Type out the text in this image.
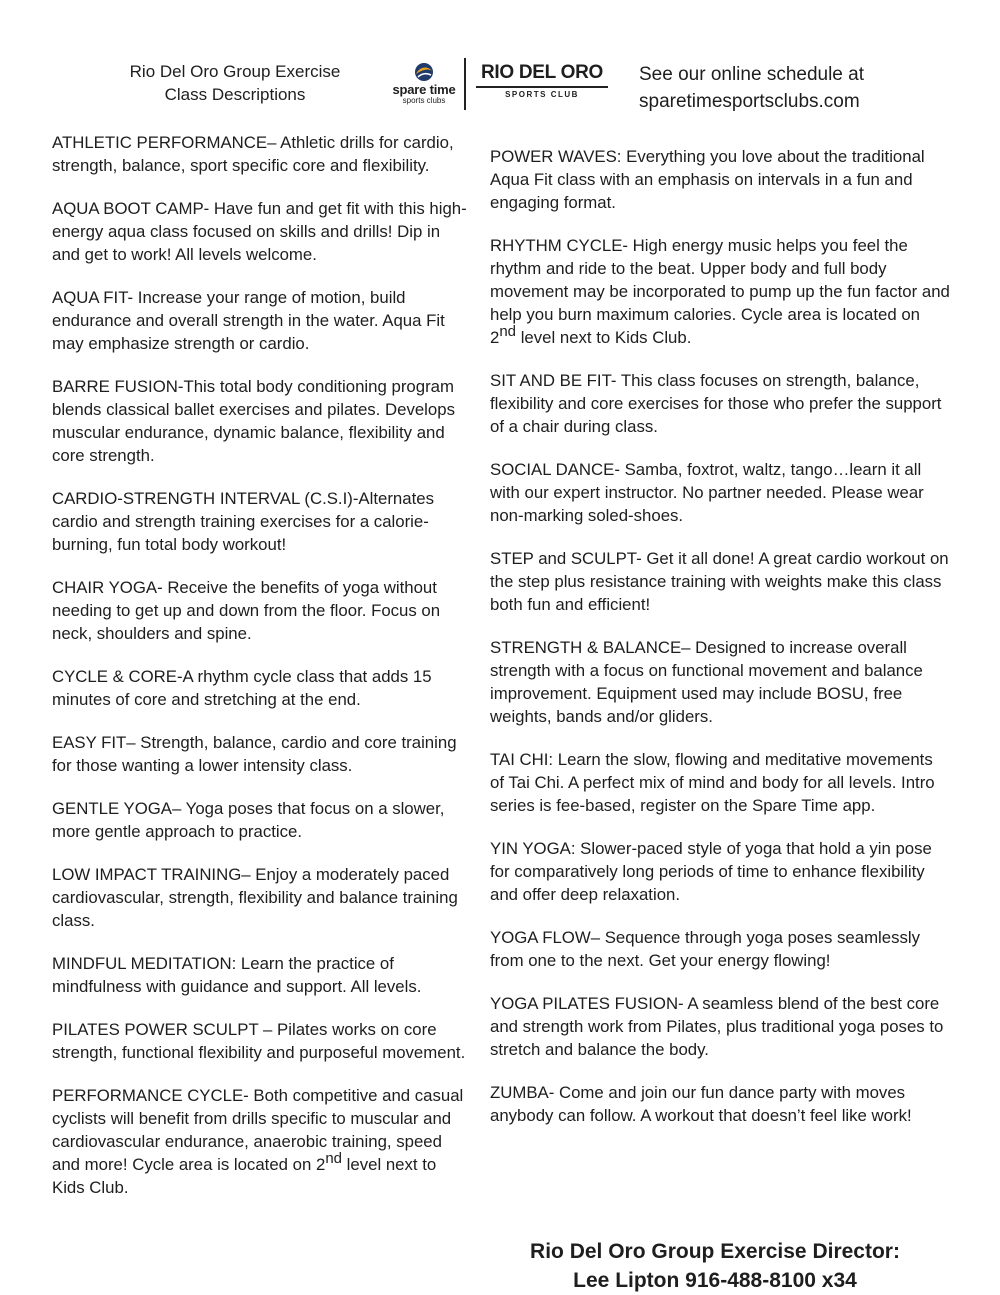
Rio Del Oro Group Exercise
Class Descriptions	spare time
sports clubs
RIO DEL ORO
SPORTS CLUB
See our online schedule at
sparetimesportsclubs.com

ATHLETIC PERFORMANCE– Athletic drills for cardio, strength, balance, sport specific core and flexibility.

AQUA BOOT CAMP- Have fun and get fit with this high-energy aqua class focused on skills and drills! Dip in and get to work! All levels welcome.

AQUA FIT- Increase your range of motion, build endurance and overall strength in the water. Aqua Fit may emphasize strength or cardio.

BARRE FUSION-This total body conditioning program blends classical ballet exercises and pilates. Develops muscular endurance, dynamic balance, flexibility and core strength.

CARDIO-STRENGTH INTERVAL (C.S.I)-Alternates cardio and strength training exercises for a calorie-burning, fun total body workout!

CHAIR YOGA- Receive the benefits of yoga without needing to get up and down from the floor. Focus on neck, shoulders and spine.

CYCLE & CORE-A rhythm cycle class that adds 15 minutes of core and stretching at the end.

EASY FIT– Strength, balance, cardio and core training for those wanting a lower intensity class.

GENTLE YOGA– Yoga poses that focus on a slower, more gentle approach to practice.

LOW IMPACT TRAINING– Enjoy a moderately paced cardiovascular, strength, flexibility and balance training class.

MINDFUL MEDITATION: Learn the practice of mindfulness with guidance and support. All levels.

PILATES POWER SCULPT – Pilates works on core strength, functional flexibility and purposeful movement.

PERFORMANCE CYCLE- Both competitive and casual cyclists will benefit from drills specific to muscular and cardiovascular endurance, anaerobic training, speed and more! Cycle area is located on 2nd level next to Kids Club.

POWER WAVES: Everything you love about the traditional Aqua Fit class with an emphasis on intervals in a fun and engaging format.

RHYTHM CYCLE- High energy music helps you feel the rhythm and ride to the beat. Upper body and full body movement may be incorporated to pump up the fun factor and help you burn maximum calories. Cycle area is located on 2nd level next to Kids Club.

SIT AND BE FIT- This class focuses on strength, balance, flexibility and core exercises for those who prefer the support of a chair during class.

SOCIAL DANCE- Samba, foxtrot, waltz, tango…learn it all with our expert instructor. No partner needed. Please wear non-marking soled-shoes.

STEP and SCULPT- Get it all done! A great cardio workout on the step plus resistance training with weights make this class both fun and efficient!

STRENGTH & BALANCE– Designed to increase overall strength with a focus on functional movement and balance improvement. Equipment used may include BOSU, free weights, bands and/or gliders.

TAI CHI: Learn the slow, flowing and meditative movements of Tai Chi. A perfect mix of mind and body for all levels. Intro series is fee-based, register on the Spare Time app.

YIN YOGA: Slower-paced style of yoga that hold a yin pose for comparatively long periods of time to enhance flexibility and offer deep relaxation.

YOGA FLOW– Sequence through yoga poses seamlessly from one to the next. Get your energy flowing!

YOGA PILATES FUSION- A seamless blend of the best core and strength work from Pilates, plus traditional yoga poses to stretch and balance the body.

ZUMBA- Come and join our fun dance party with moves anybody can follow. A workout that doesn’t feel like work!

Rio Del Oro Group Exercise Director:
Lee Lipton 916-488-8100 x34
